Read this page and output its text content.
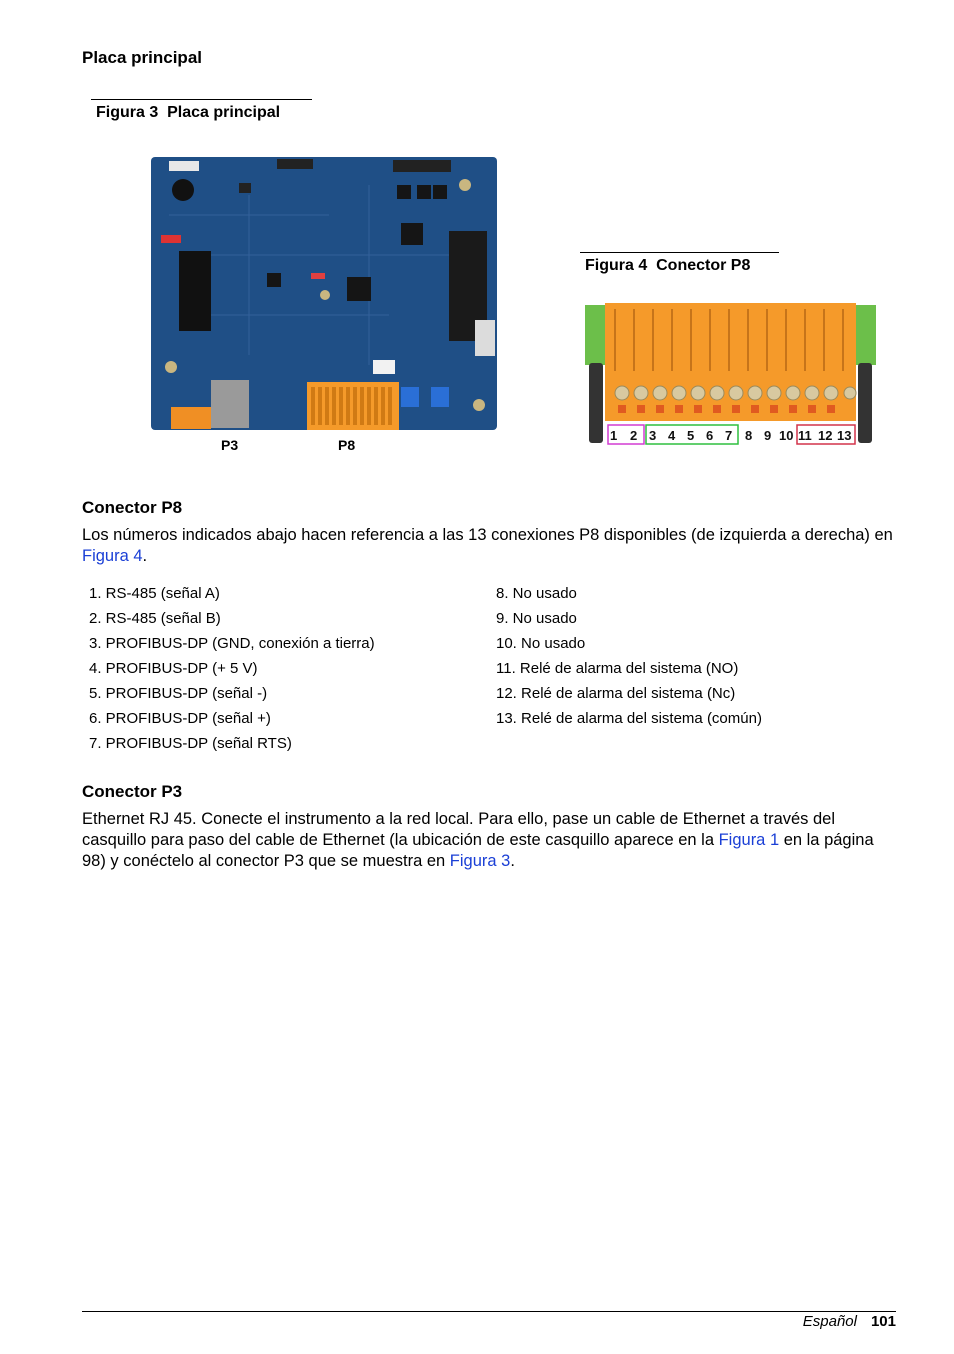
Placa principal
Figura 3  Placa principal
P3	P8
Figura 4  Conector P8
1 2 3 4 5 6 7 8 9 10 11 12 13
Conector P8
Los números indicados abajo hacen referencia a las 13 conexiones P8 disponibles (de izquierda a derecha) en Figura 4.
1. RS-485 (señal A)
2. RS-485 (señal B)
3. PROFIBUS-DP (GND, conexión a tierra)
4. PROFIBUS-DP (+ 5 V)
5. PROFIBUS-DP (señal -)
6. PROFIBUS-DP (señal +)
7. PROFIBUS-DP (señal RTS)
8. No usado
9. No usado
10. No usado
11. Relé de alarma del sistema (NO)
12. Relé de alarma del sistema (Nc)
13. Relé de alarma del sistema (común)
Conector P3
Ethernet RJ 45. Conecte el instrumento a la red local. Para ello, pase un cable de Ethernet a través del casquillo para paso del cable de Ethernet (la ubicación de este casquillo aparece en la Figura 1 en la página 98) y conéctelo al conector P3 que se muestra en Figura 3.
Español 101
